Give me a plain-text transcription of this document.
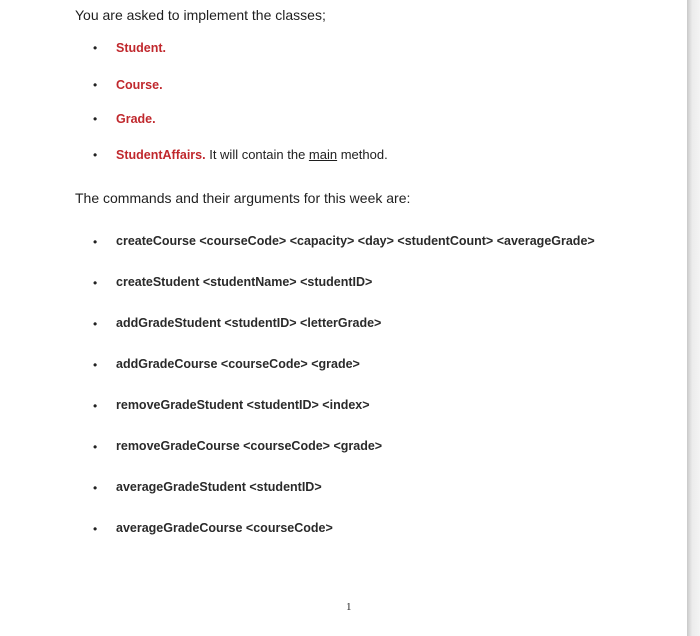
You are asked to implement the classes;
• Student.
• Course.
• Grade.
• StudentAffairs. It will contain the main method.
The commands and their arguments for this week are:
• createCourse <courseCode> <capacity> <day> <studentCount> <averageGrade>
• createStudent <studentName> <studentID>
• addGradeStudent <studentID> <letterGrade>
• addGradeCourse <courseCode> <grade>
• removeGradeStudent <studentID> <index>
• removeGradeCourse <courseCode> <grade>
• averageGradeStudent <studentID>
• averageGradeCourse <courseCode>
1
